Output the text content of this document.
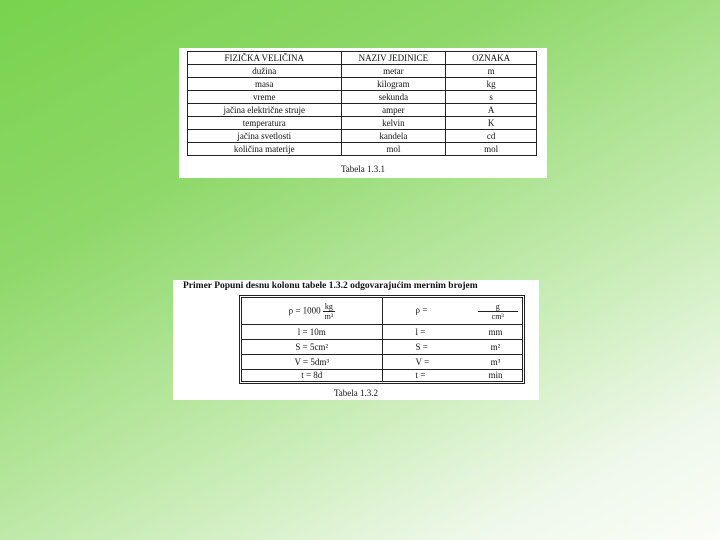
FIZIČKA VELIČINA	NAZIV JEDINICE	OZNAKA
dužina	metar	m
masa	kilogram	kg
vreme	sekunda	s
jačina električne struje	amper	A
temperatura	kelvin	K
jačina svetlosti	kandela	cd
količina materije	mol	mol
Tabela 1.3.1
Primer Popuni desnu kolonu tabele 1.3.2 odgovarajućim mernim brojem
$\rho = 1000 \frac{kg}{\text{m³}}$	$\rho = \frac{g}{\text{cm³}}$

l = 10m	l = mm
S = 5cm²	S = m²
V = 5dm³	V = m³
t = 8d	t = min
Tabela 1.3.2
